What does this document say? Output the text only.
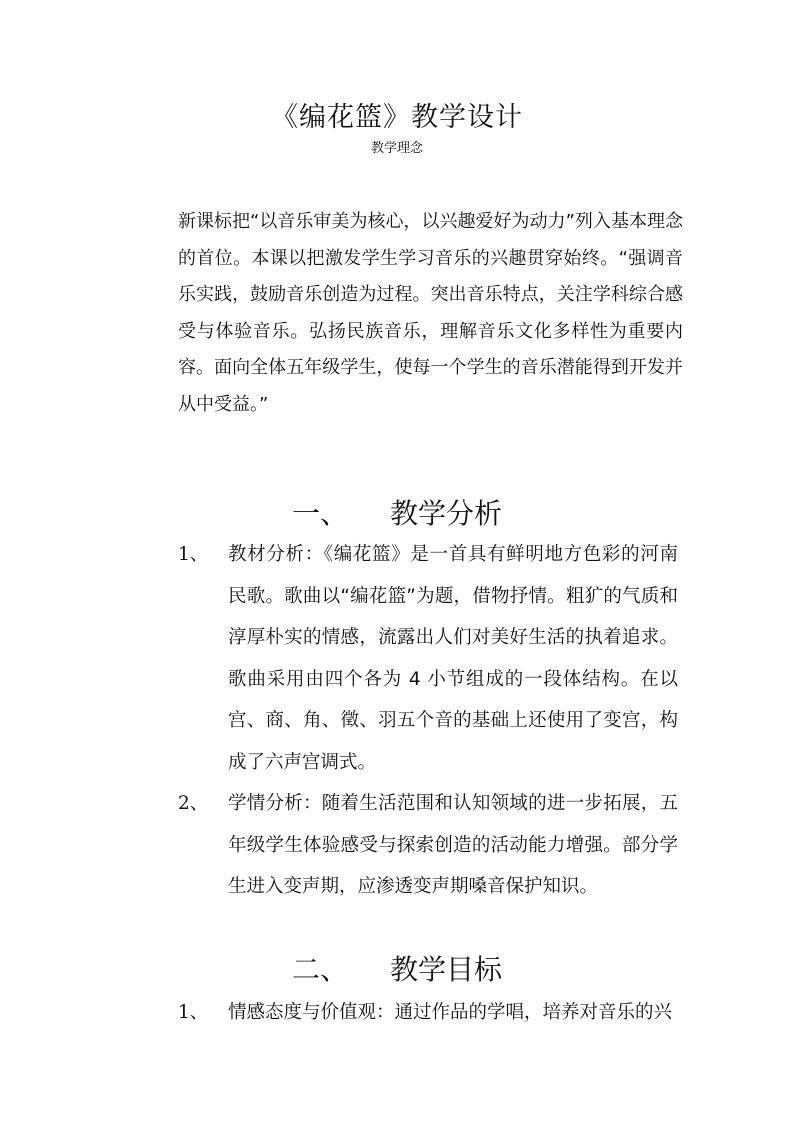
《编花篮》教学设计
教学理念
新课标把“以音乐审美为核心，以兴趣爱好为动力”列入基本理念的首位。本课以把激发学生学习音乐的兴趣贯穿始终。“强调音乐实践，鼓励音乐创造为过程。突出音乐特点，关注学科综合感受与体验音乐。弘扬民族音乐，理解音乐文化多样性为重要内容。面向全体五年级学生，使每一个学生的音乐潜能得到开发并从中受益。”
一、 教学分析
1、	教材分析：《编花篮》是一首具有鲜明地方色彩的河南民歌。歌曲以“编花篮”为题，借物抒情。粗犷的气质和淳厚朴实的情感，流露出人们对美好生活的执着追求。歌曲采用由四个各为 4 小节组成的一段体结构。在以宫、商、角、徵、羽五个音的基础上还使用了变宫，构成了六声宫调式。
2、	学情分析：随着生活范围和认知领域的进一步拓展，五年级学生体验感受与探索创造的活动能力增强。部分学生进入变声期，应渗透变声期嗓音保护知识。
二、 教学目标
1、	情感态度与价值观：通过作品的学唱，培养对音乐的兴
